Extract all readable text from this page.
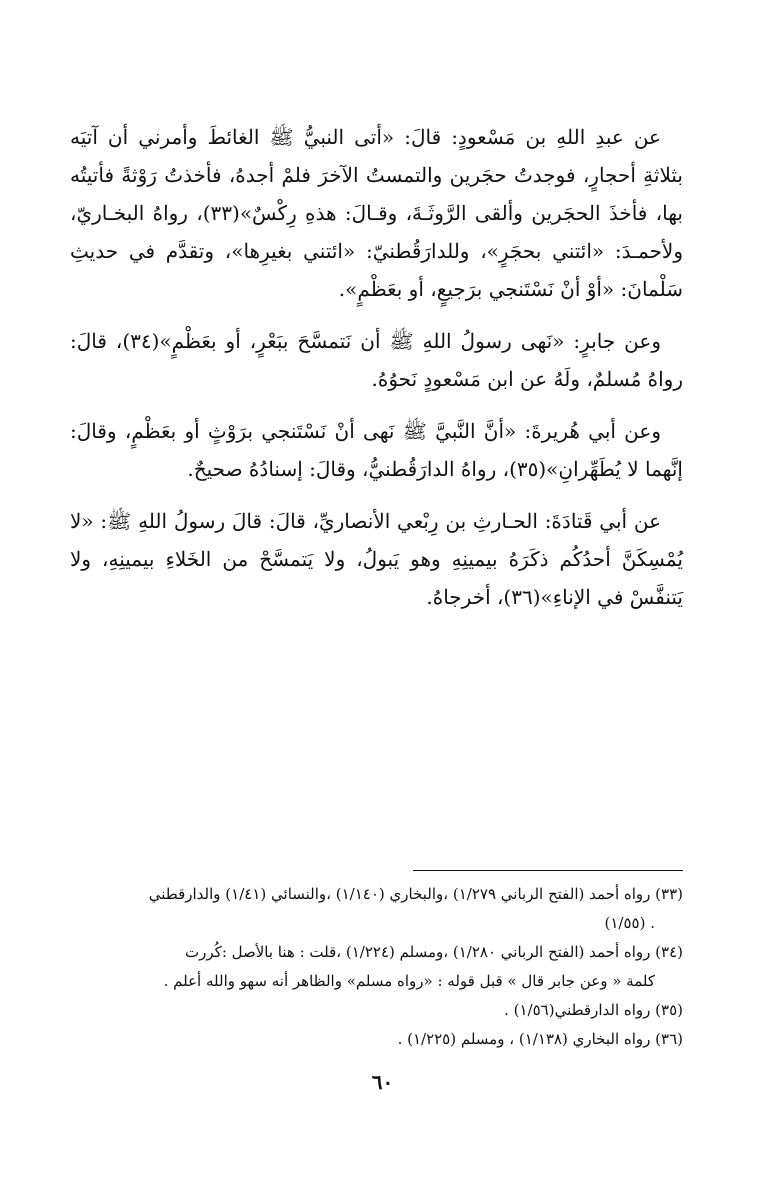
عن عبدِ اللهِ بن مَسْعودٍ: قالَ: «أتى النبيُّ ﷺ الغائطَ وأمرني أن آتيَه بثلاثةِ أحجارٍ، فوجدتُ حجَرين والتمستُ الآخرَ فلمْ أجدهُ، فأخذتُ رَوْثةً فأتيتُه بها، فأخذَ الحجَرين وألقى الرَّوثَـةَ، وقـالَ: هذهِ رِكْسٌ»(٣٣)، رواهُ البخـاريّ، ولأحمـدَ: «ائتني بحجَرٍ»، وللدارَقُطنيّ: «ائتني بغيرِها»، وتقدَّم في حديثِ سَلْمانَ: «أوْ أنْ نَسْتَنجي برَجيعٍ، أو بعَظْمٍ».

وعن جابرٍ: «نَهى رسولُ اللهِ ﷺ أن نَتمسَّحَ ببَعْرٍ، أو بعَظْمٍ»(٣٤)، قالَ: رواهُ مُسلمٌ، ولَهُ عن ابن مَسْعودٍ نَحوُهُ.

وعن أبي هُريرةَ: «أنَّ النَّبيَّ ﷺ نَهى أنْ نَسْتَنجي برَوْثٍ أو بعَظْمٍ، وقالَ: إنَّهما لا يُطَهِّرانِ»(٣٥)، رواهُ الدارَقُطنيُّ، وقالَ: إسنادُهُ صحيحٌ.

عن أبي قَتادَةَ: الحـارثِ بن رِبْعي الأنصاريِّ، قالَ: قالَ رسولُ اللهِ ﷺ: «لا يُمْسِكَنَّ أحدُكُم ذكَرَهُ بيمينِهِ وهو يَبولُ، ولا يَتمسَّحْ من الخَلاءِ بيمينِهِ، ولا يَتنفَّسْ في الإناءِ»(٣٦)، أخرجاهُ.

(٣٣) رواه أحمد (الفتح الرباني ١/٢٧٩) ،والبخاري (١/١٤٠) ،والنسائي (١/٤١) والدارقطني

. (١/٥٥)

(٣٤) رواه أحمد (الفتح الرباني ١/٢٨٠) ،ومسلم (١/٢٢٤) ،قلت : هنا بالأصل :كُررت

كلمة « وعن جابر قال » قبل قوله : «رواه مسلم» والظاهر أنه سهو والله أعلم .

(٣٥) رواه الدارقطني(١/٥٦) .

(٣٦) رواه البخاري (١/١٣٨) ، ومسلم (١/٢٢٥) .

٦٠
